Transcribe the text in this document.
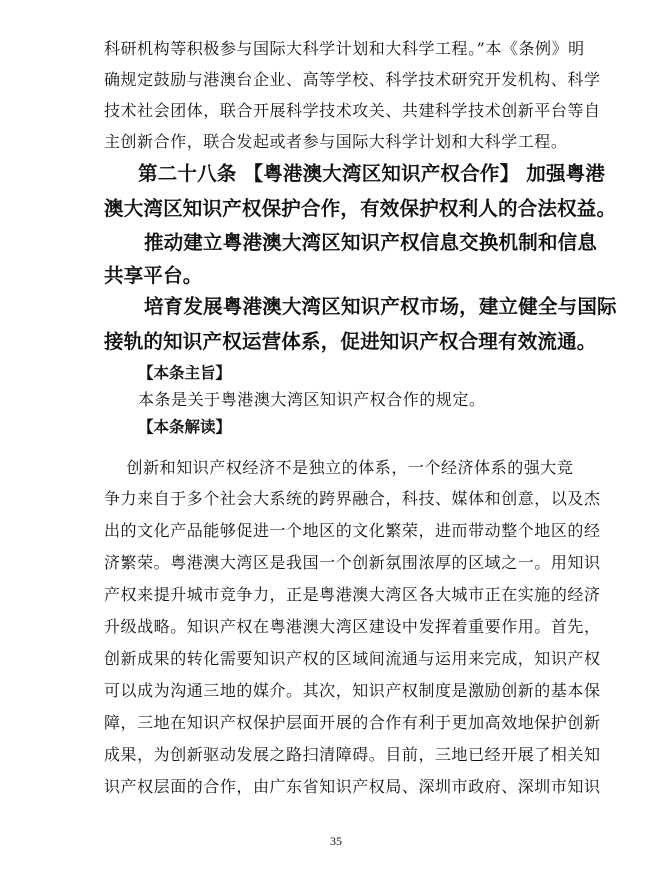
科研机构等积极参与国际大科学计划和大科学工程。”本《条例》明
确规定鼓励与港澳台企业、高等学校、科学技术研究开发机构、科学
技术社会团体，联合开展科学技术攻关、共建科学技术创新平台等自
主创新合作，联合发起或者参与国际大科学计划和大科学工程。
第二十八条 【粤港澳大湾区知识产权合作】 加强粤港
澳大湾区知识产权保护合作，有效保护权利人的合法权益。
推动建立粤港澳大湾区知识产权信息交换机制和信息
共享平台。
培育发展粤港澳大湾区知识产权市场，建立健全与国际
接轨的知识产权运营体系，促进知识产权合理有效流通。
【本条主旨】
本条是关于粤港澳大湾区知识产权合作的规定。
【本条解读】
创新和知识产权经济不是独立的体系，一个经济体系的强大竞
争力来自于多个社会大系统的跨界融合，科技、媒体和创意，以及杰
出的文化产品能够促进一个地区的文化繁荣，进而带动整个地区的经
济繁荣。粤港澳大湾区是我国一个创新氛围浓厚的区域之一。用知识
产权来提升城市竞争力，正是粤港澳大湾区各大城市正在实施的经济
升级战略。知识产权在粤港澳大湾区建设中发挥着重要作用。首先，
创新成果的转化需要知识产权的区域间流通与运用来完成，知识产权
可以成为沟通三地的媒介。其次，知识产权制度是激励创新的基本保
障，三地在知识产权保护层面开展的合作有利于更加高效地保护创新
成果，为创新驱动发展之路扫清障碍。目前，三地已经开展了相关知
识产权层面的合作，由广东省知识产权局、深圳市政府、深圳市知识
35
